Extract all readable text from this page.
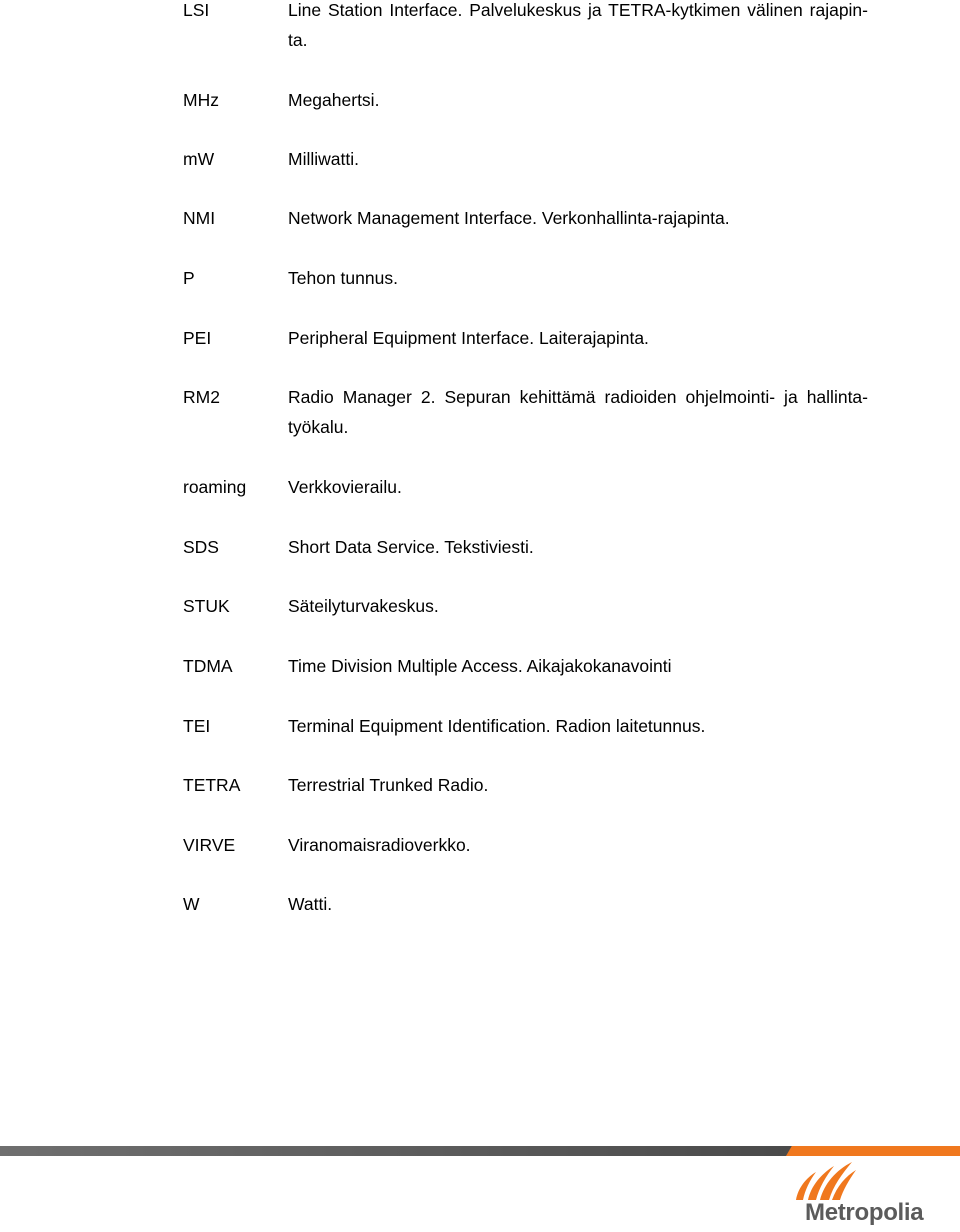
LSI	Line Station Interface. Palvelukeskus ja TETRA-kytkimen välinen rajapin-
ta.
MHz	Megahertsi.
mW	Milliwatti.
NMI	Network Management Interface. Verkonhallinta-rajapinta.
P	Tehon tunnus.
PEI	Peripheral Equipment Interface. Laiterajapinta.
RM2	Radio Manager 2. Sepuran kehittämä radioiden ohjelmointi- ja hallinta-
työkalu.
roaming Verkkovierailu.
SDS	Short Data Service. Tekstiviesti.
STUK	Säteilyturvakeskus.
TDMA	Time Division Multiple Access. Aikajakokanavointi
TEI	Terminal Equipment Identification. Radion laitetunnus.
TETRA	Terrestrial Trunked Radio.
VIRVE	Viranomaisradioverkko.
W	Watti.
Metropolia
